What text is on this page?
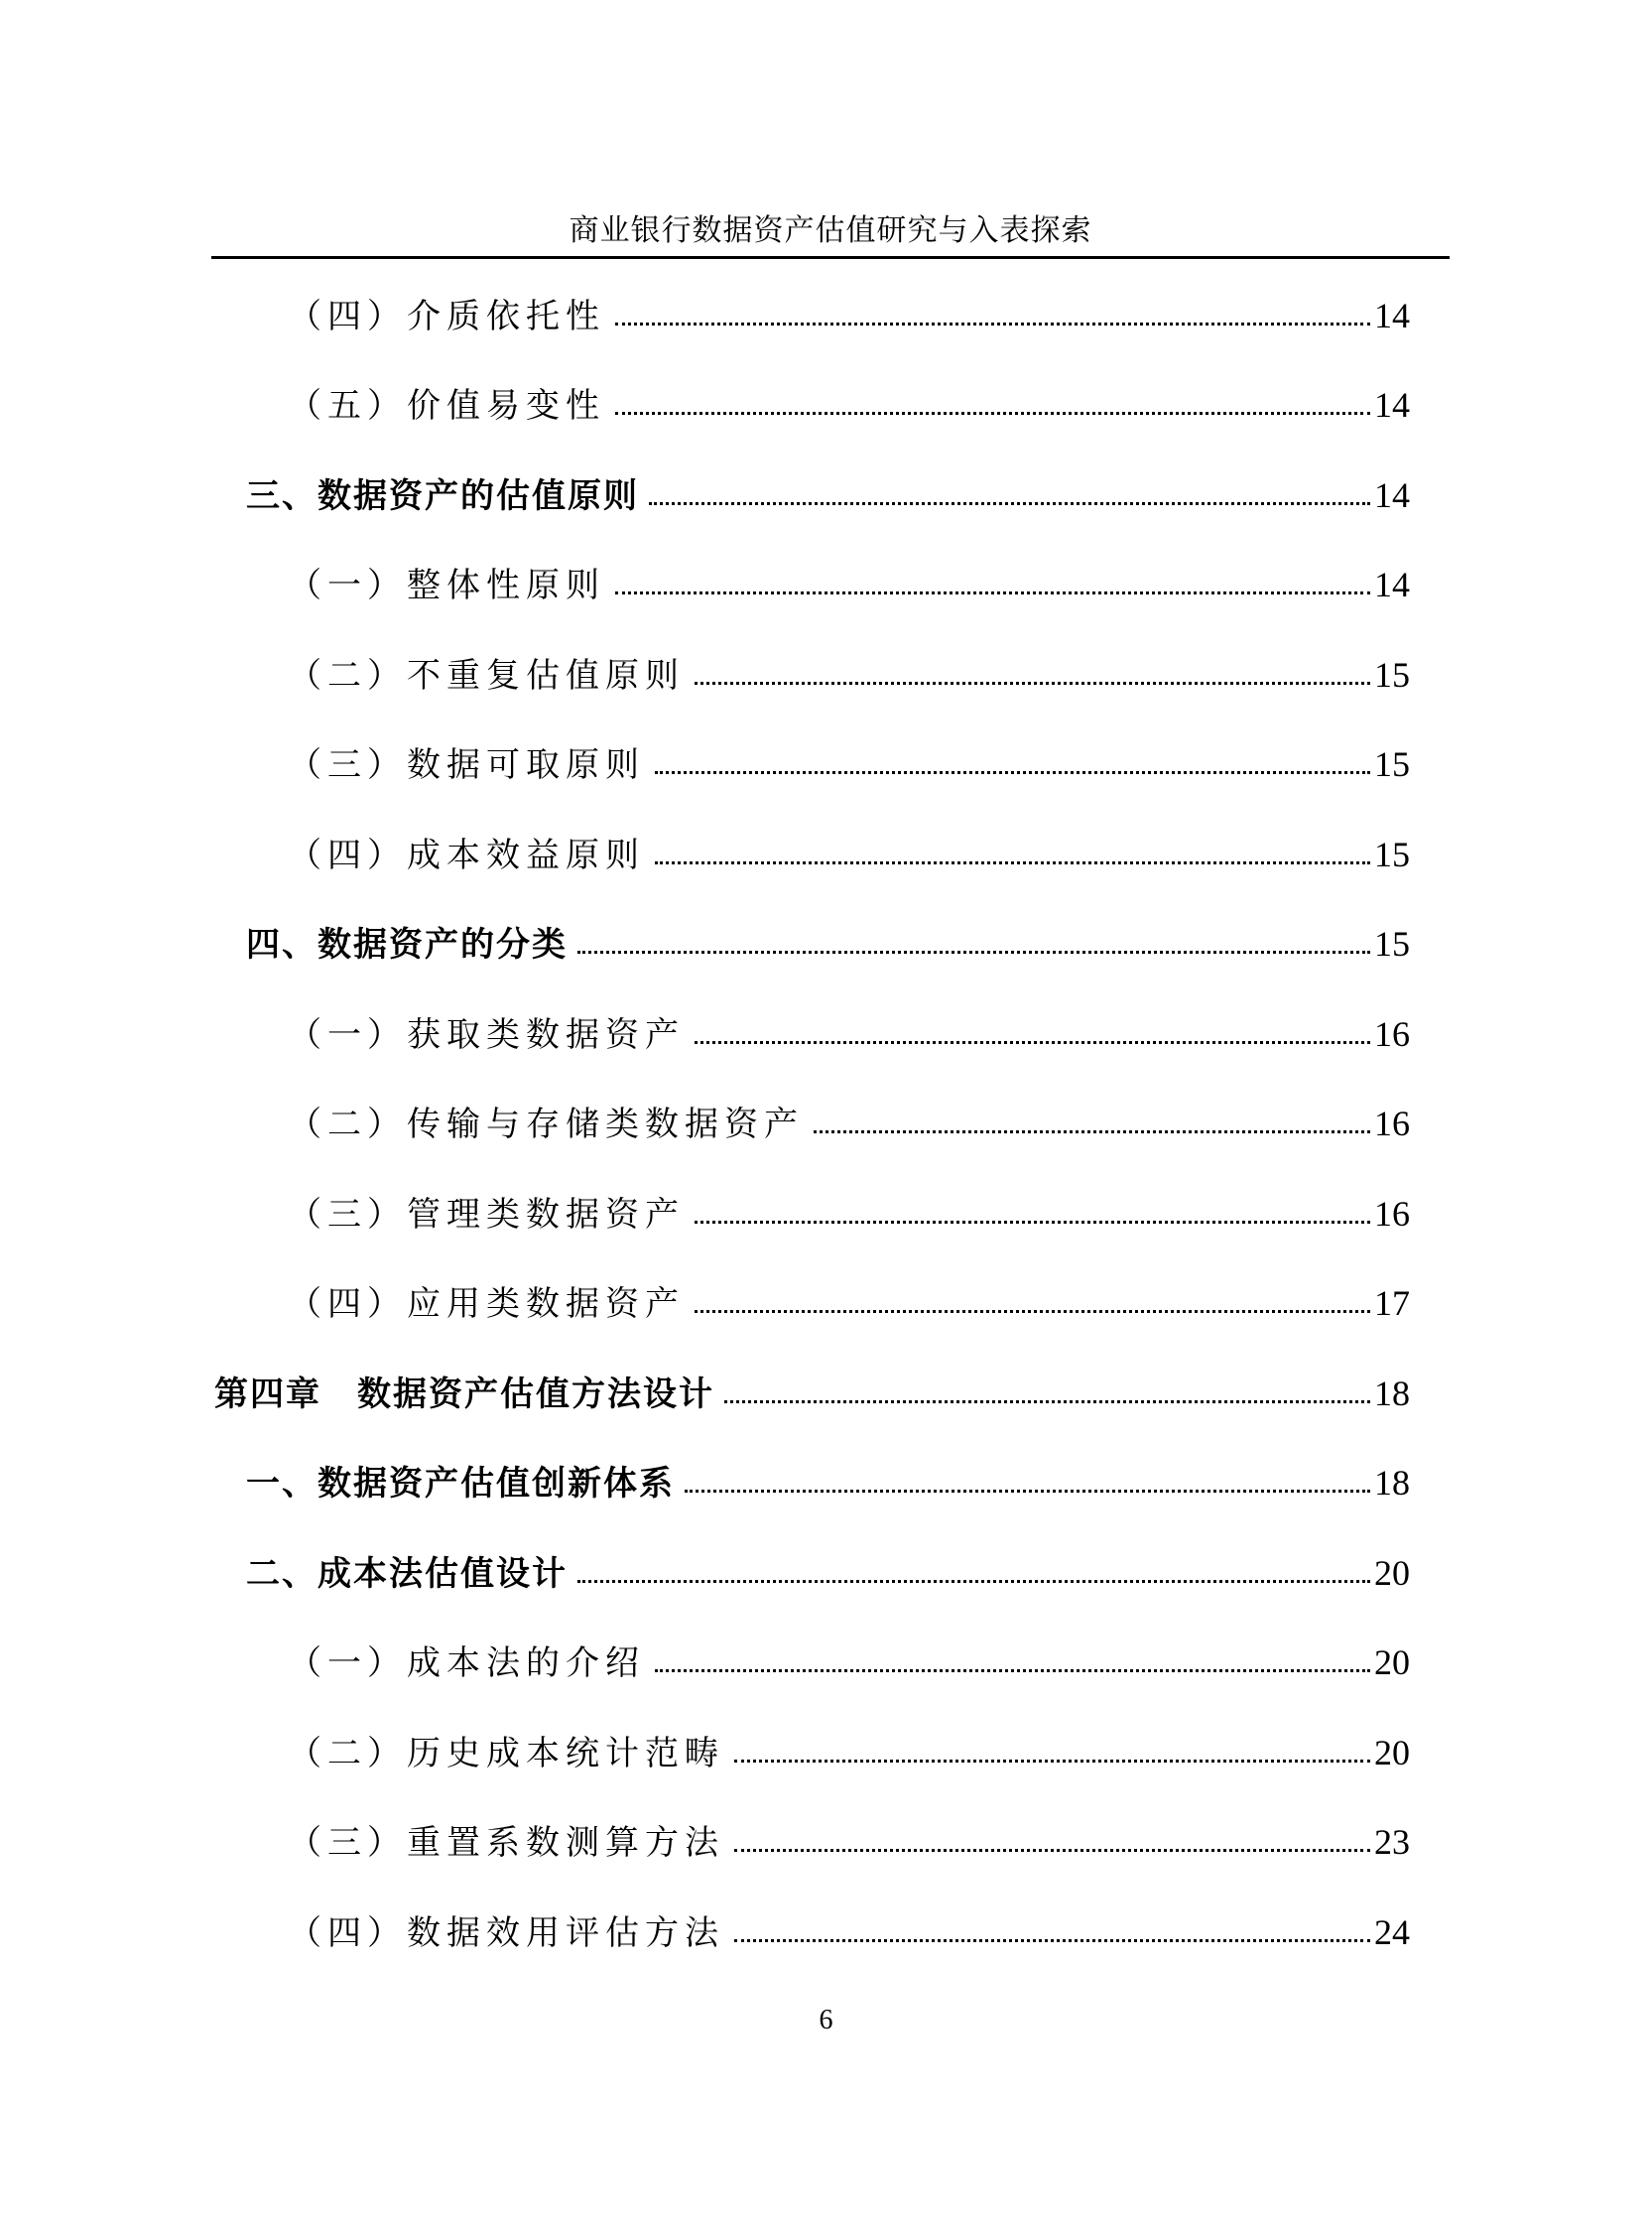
商业银行数据资产估值研究与入表探索
（四）介质依托性	14
（五）价值易变性	14
三、数据资产的估值原则	14
（一）整体性原则	14
（二）不重复估值原则	15
（三）数据可取原则	15
（四）成本效益原则	15
四、数据资产的分类	15
（一）获取类数据资产	16
（二）传输与存储类数据资产	16
（三）管理类数据资产	16
（四）应用类数据资产	17
第四章　数据资产估值方法设计	18
一、数据资产估值创新体系	18
二、成本法估值设计	20
（一）成本法的介绍	20
（二）历史成本统计范畴	20
（三）重置系数测算方法	23
（四）数据效用评估方法	24
6
